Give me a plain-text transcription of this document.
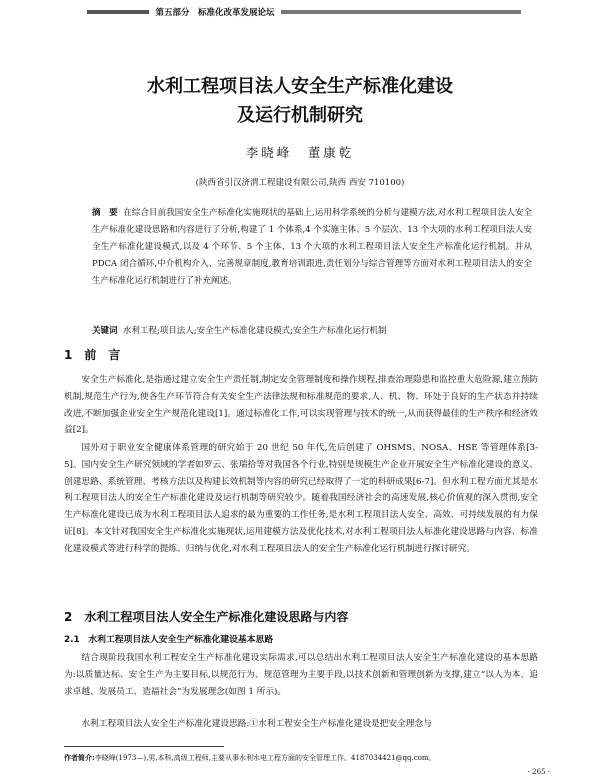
第五部分　标准化改革发展论坛
水利工程项目法人安全生产标准化建设
及运行机制研究
李晓峰　董康乾
(陕西省引汉济渭工程建设有限公司,陕西 西安 710100)
摘　要 在综合目前我国安全生产标准化实施现状的基础上,运用科学系统的分析与建模方法,对水利工程项目法人安全生产标准化建设思路和内容进行了分析,构建了 1 个体系,4 个实施主体、5 个层次、13 个大项的水利工程项目法人安全生产标准化建设模式,以及 4 个环节、5 个主体、13 个大项的水利工程项目法人安全生产标准化运行机制。并从 PDCA 闭合循环,中介机构介入、完善规章制度,教育培训跟进,责任划分与综合管理等方面对水利工程项目法人的安全生产标准化运行机制进行了补充阐述。
关键词 水利工程;项目法人;安全生产标准化建设模式;安全生产标准化运行机制
1　前　言

安全生产标准化,是指通过建立安全生产责任制,制定安全管理制度和操作规程,排查治理隐患和监控重大危险源,建立预防机制,规范生产行为,使各生产环节符合有关安全生产法律法规和标准规范的要求,人、机、物、环处于良好的生产状态并持续改进,不断加强企业安全生产规范化建设[1]。通过标准化工作,可以实现管理与技术的统一,从而获得最佳的生产秩序和经济效益[2]。

国外对于职业安全健康体系管理的研究始于 20 世纪 50 年代,先后创建了 OHSMS、NOSA、HSE 等管理体系[3-5]。国内安全生产研究领域的学者如罗云、张瑞拾等对我国各个行业,特别是规模生产企业开展安全生产标准化建设的意义、创建思路、系统管理、考核方法以及构建长效机制等内容的研究已经取得了一定的科研成果[6-7]。但水利工程方面尤其是水利工程项目法人的安全生产标准化建设及运行机制等研究较少。随着我国经济社会的高速发展,核心价值观的深入贯彻,安全生产标准化建设已成为水利工程项目法人追求的最为重要的工作任务,是水利工程项目法人安全、高效、可持续发展的有力保证[8]。本文针对我国安全生产标准化实施现状,运用建模方法及优化技术,对水利工程项目法人标准化建设思路与内容、标准化建设模式等进行科学的提炼、归纳与优化,对水利工程项目法人的安全生产标准化运行机制进行探讨研究。

2　水利工程项目法人安全生产标准化建设思路与内容
2.1　水利工程项目法人安全生产标准化建设基本思路

结合现阶段我国水利工程安全生产标准化建设实际需求,可以总结出水利工程项目法人安全生产标准化建设的基本思路为:以质量达标、安全生产为主要目标,以规范行为、规范管理为主要手段,以技术创新和管理创新为支撑,建立“以人为本、追求卓越、发展员工、造福社会”为发展理念(如图 1 所示)。

水利工程项目法人安全生产标准化建设思路:①水利工程安全生产标准化建设是把安全理念与

作者简介:李晓峰(1973—),男,本科,高级工程师,主要从事水利水电工程方面的安全管理工作。4187034421@qq.com。
· 265 ·
